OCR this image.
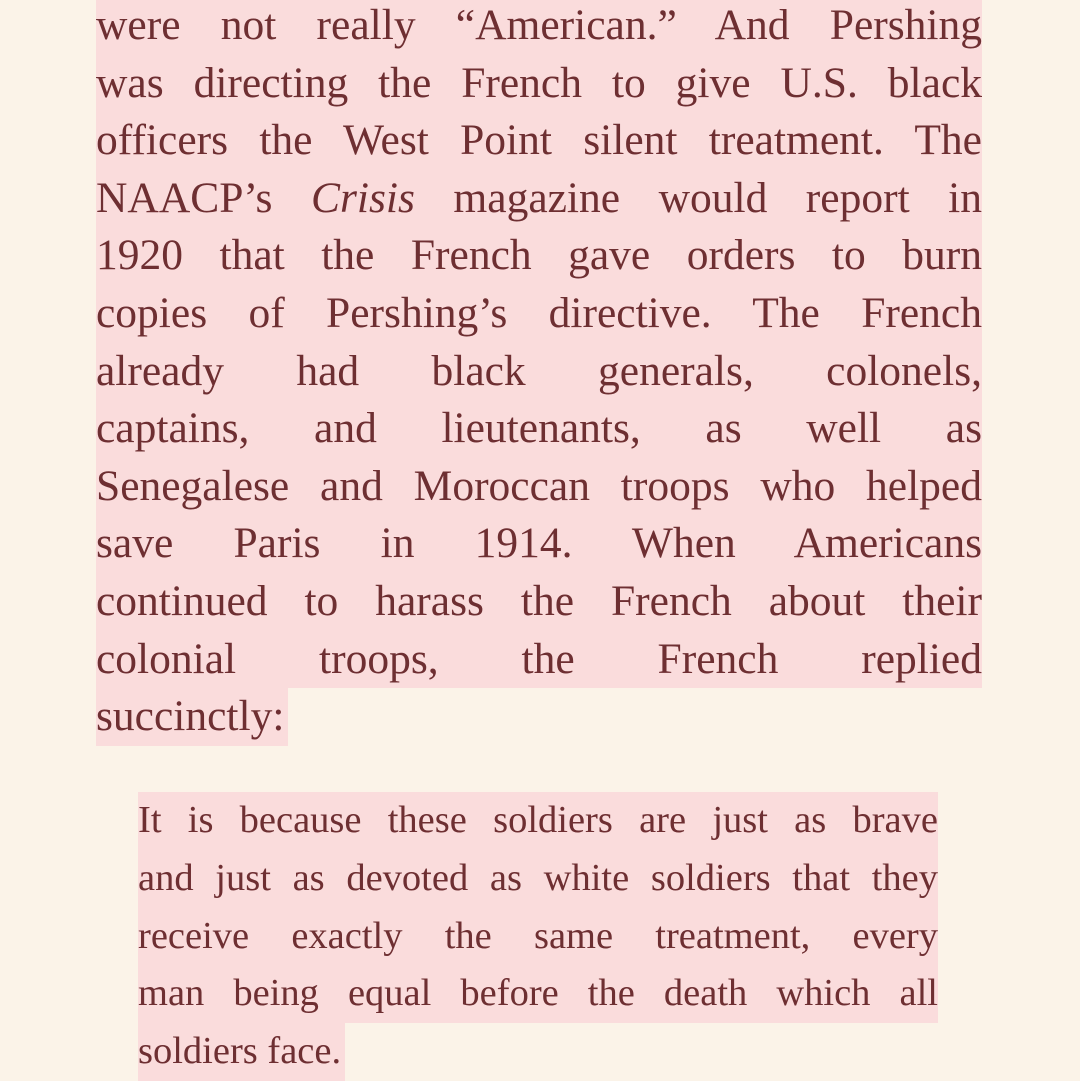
were not really “American.” And Pershing
was directing the French to give U.S. black
officers the West Point silent treatment. The
NAACP’s Crisis magazine would report in
1920 that the French gave orders to burn
copies of Pershing’s directive. The French
already had black generals, colonels,
captains, and lieutenants, as well as
Senegalese and Moroccan troops who helped
save Paris in 1914. When Americans
continued to harass the French about their
colonial troops, the French replied
succinctly:
It is because these soldiers are just as brave
and just as devoted as white soldiers that they
receive exactly the same treatment, every
man being equal before the death which all
soldiers face.
